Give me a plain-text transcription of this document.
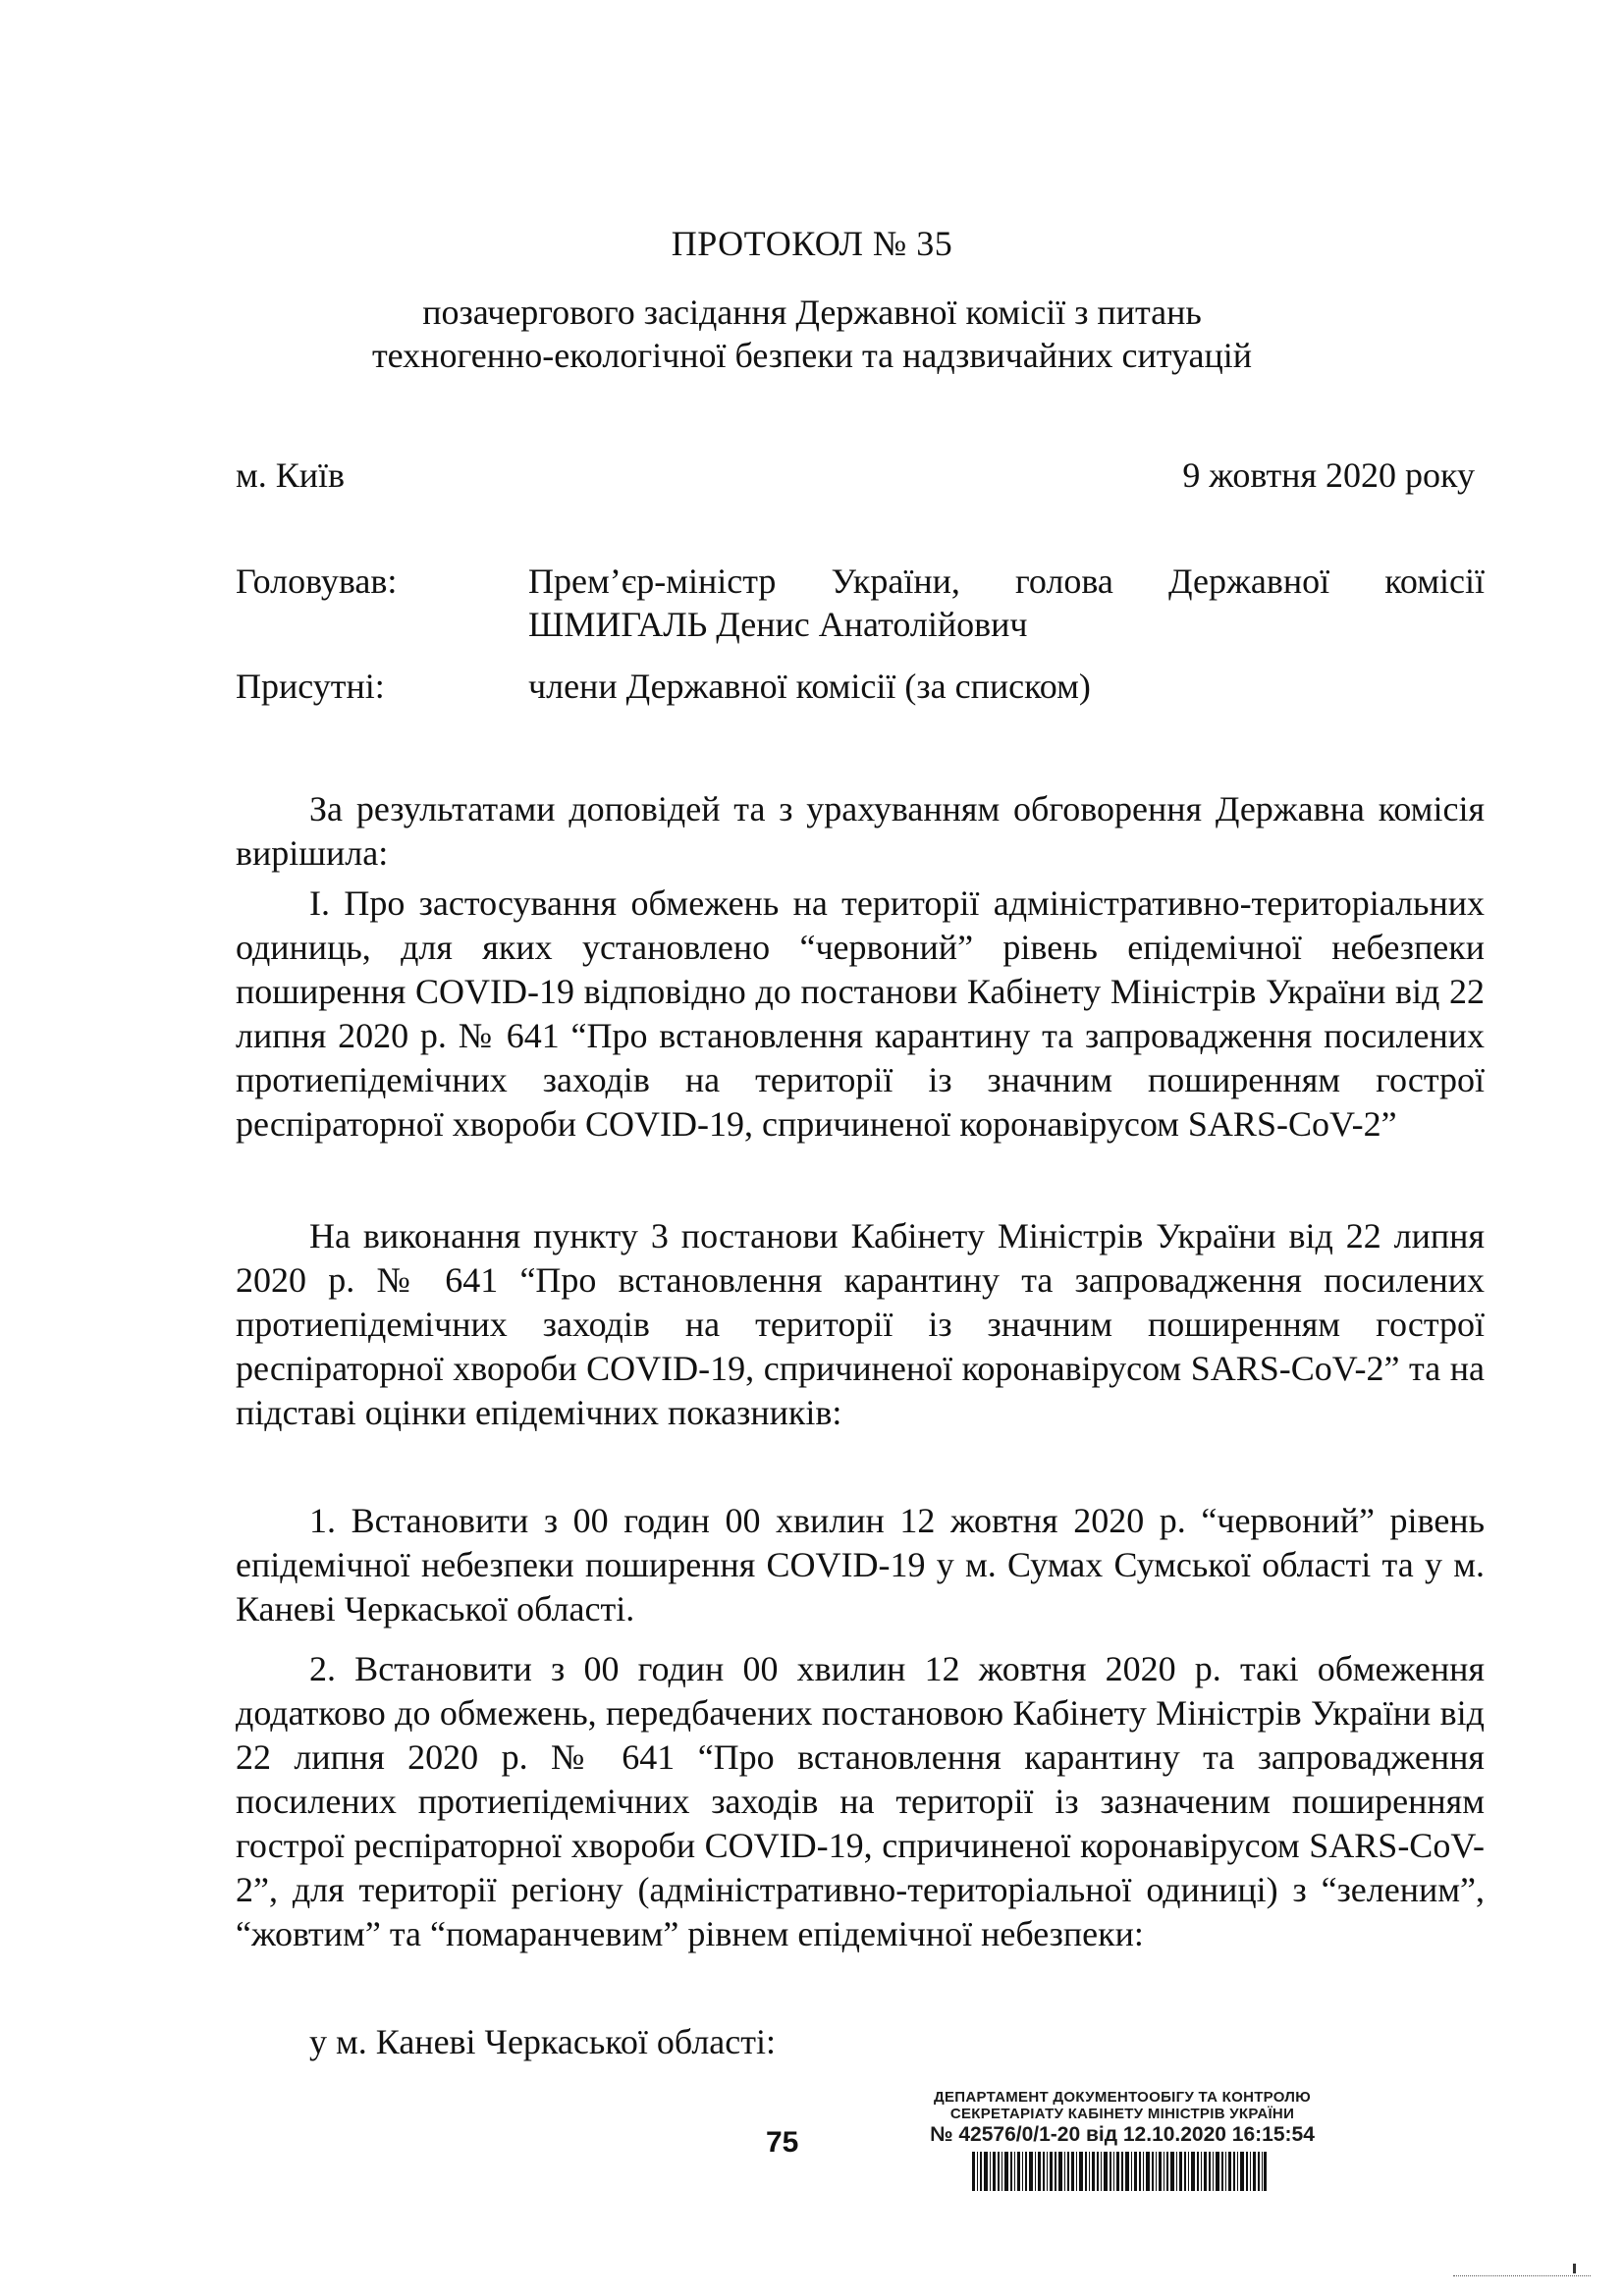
ПРОТОКОЛ № 35
позачергового засідання Державної комісії з питань
техногенно-екологічної безпеки та надзвичайних ситуацій
м. Київ	9 жовтня 2020 року
Головував:	Прем’єр-міністр України, голова Державної комісії ШМИГАЛЬ Денис Анатолійович
Присутні:	члени Державної комісії (за списком)
За результатами доповідей та з урахуванням обговорення Державна комісія вирішила:
I. Про застосування обмежень на території адміністративно-територіальних одиниць, для яких установлено “червоний” рівень епідемічної небезпеки поширення COVID-19 відповідно до постанови Кабінету Міністрів України від 22 липня 2020 р. № 641 “Про встановлення карантину та запровадження посилених протиепідемічних заходів на території із значним поширенням гострої респіраторної хвороби COVID-19, спричиненої коронавірусом SARS-CoV-2”
На виконання пункту 3 постанови Кабінету Міністрів України від 22 липня 2020 р. № 641 “Про встановлення карантину та запровадження посилених протиепідемічних заходів на території із значним поширенням гострої респіраторної хвороби COVID-19, спричиненої коронавірусом SARS-CoV-2” та на підставі оцінки епідемічних показників:
1. Встановити з 00 годин 00 хвилин 12 жовтня 2020 р. “червоний” рівень епідемічної небезпеки поширення COVID-19 у м. Сумах Сумської області та у м. Каневі Черкаської області.
2. Встановити з 00 годин 00 хвилин 12 жовтня 2020 р. такі обмеження додатково до обмежень, передбачених постановою Кабінету Міністрів України від 22 липня 2020 р. № 641 “Про встановлення карантину та запровадження посилених протиепідемічних заходів на території із зазначеним поширенням гострої респіраторної хвороби COVID-19, спричиненої коронавірусом SARS-CoV-2”, для території регіону (адміністративно-територіальної одиниці) з “зеленим”, “жовтим” та “помаранчевим” рівнем епідемічної небезпеки:
у м. Каневі Черкаської області:
75
ДЕПАРТАМЕНТ ДОКУМЕНТООБІГУ ТА КОНТРОЛЮ
СЕКРЕТАРІАТУ КАБІНЕТУ МІНІСТРІВ УКРАЇНИ
№ 42576/0/1-20 від 12.10.2020 16:15:54
